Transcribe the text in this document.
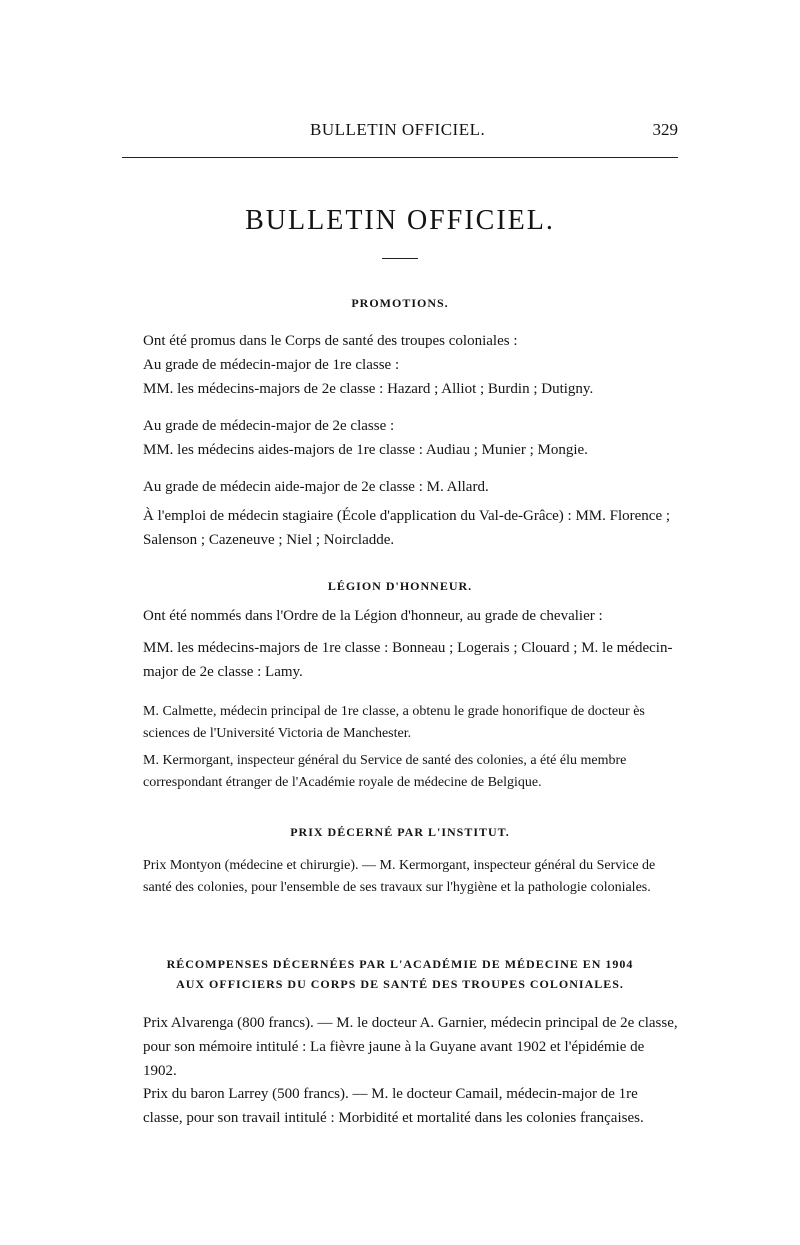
BULLETIN OFFICIEL.	329
BULLETIN OFFICIEL.
PROMOTIONS.

Ont été promus dans le Corps de santé des troupes coloniales :

Au grade de médecin-major de 1re classe :

MM. les médecins-majors de 2e classe : Hazard ; Alliot ; Burdin ; Dutigny.

Au grade de médecin-major de 2e classe :

MM. les médecins aides-majors de 1re classe : Audiau ; Munier ; Mongie.

Au grade de médecin aide-major de 2e classe : M. Allard.

À l'emploi de médecin stagiaire (École d'application du Val-de-Grâce) : MM. Florence ; Salenson ; Cazeneuve ; Niel ; Noircladde.

LÉGION D'HONNEUR.

Ont été nommés dans l'Ordre de la Légion d'honneur, au grade de chevalier :

MM. les médecins-majors de 1re classe : Bonneau ; Logerais ; Clouard ; M. le médecin-major de 2e classe : Lamy.

M. Calmette, médecin principal de 1re classe, a obtenu le grade honorifique de docteur ès sciences de l'Université Victoria de Manchester.

M. Kermorgant, inspecteur général du Service de santé des colonies, a été élu membre correspondant étranger de l'Académie royale de médecine de Belgique.

PRIX DÉCERNÉ PAR L'INSTITUT.

Prix Montyon (médecine et chirurgie). — M. Kermorgant, inspecteur général du Service de santé des colonies, pour l'ensemble de ses travaux sur l'hygiène et la pathologie coloniales.

RÉCOMPENSES DÉCERNÉES PAR L'ACADÉMIE DE MÉDECINE EN 1904
AUX OFFICIERS DU CORPS DE SANTÉ DES TROUPES COLONIALES.

Prix Alvarenga (800 francs). — M. le docteur A. Garnier, médecin principal de 2e classe, pour son mémoire intitulé : La fièvre jaune à la Guyane avant 1902 et l'épidémie de 1902.

Prix du baron Larrey (500 francs). — M. le docteur Camail, médecin-major de 1re classe, pour son travail intitulé : Morbidité et mortalité dans les colonies françaises.
